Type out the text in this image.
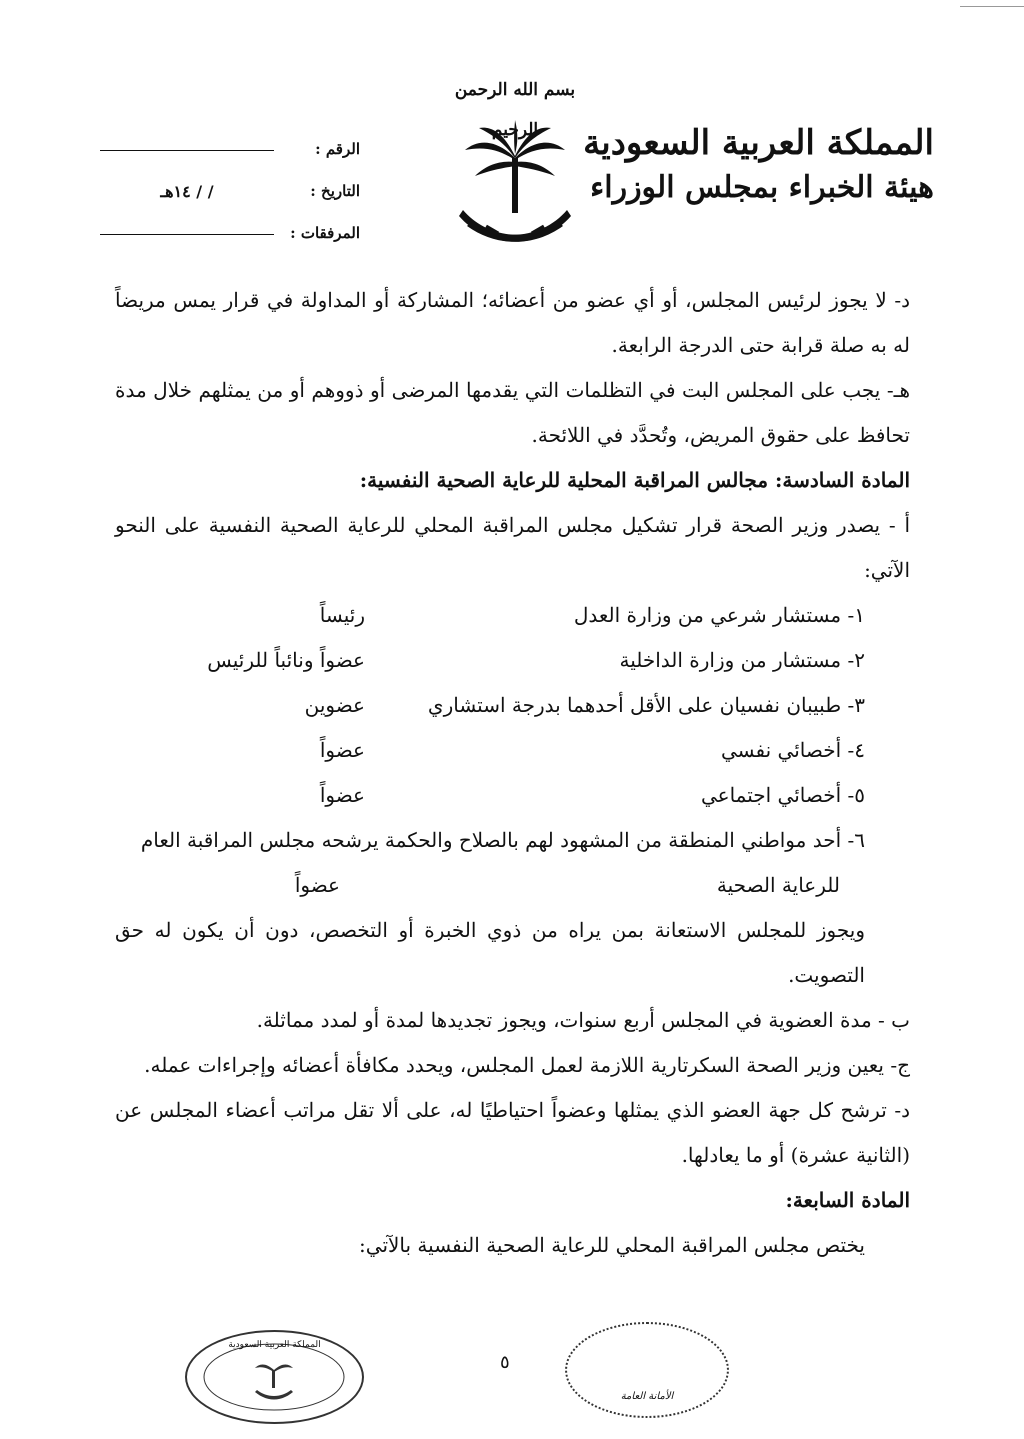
بسم الله الرحمن
المملكة العربية السعودية
هيئة الخبراء بمجلس الوزراء
الرقم :
التاريخ :
/ / ١٤هـ
المرفقات :

د- لا يجوز لرئيس المجلس، أو أي عضو من أعضائه؛ المشاركة أو المداولة في قرار يمس مريضاً له به صلة قرابة حتى الدرجة الرابعة.

هـ- يجب على المجلس البت في التظلمات التي يقدمها المرضى أو ذووهم أو من يمثلهم خلال مدة تحافظ على حقوق المريض، وتُحدَّد في اللائحة.

المادة السادسة: مجالس المراقبة المحلية للرعاية الصحية النفسية:

أ - يصدر وزير الصحة قرار تشكيل مجلس المراقبة المحلي للرعاية الصحية النفسية على النحو الآتي:

١- مستشار شرعي من وزارة العدل
رئيساً
٢- مستشار من وزارة الداخلية
عضواً ونائباً للرئيس
٣- طبيبان نفسيان على الأقل أحدهما بدرجة استشاري
عضوين
٤- أخصائي نفسي
عضواً
٥- أخصائي اجتماعي
عضواً
٦- أحد مواطني المنطقة من المشهود لهم بالصلاح والحكمة يرشحه مجلس المراقبة العام
للرعاية الصحية
عضواً

ويجوز للمجلس الاستعانة بمن يراه من ذوي الخبرة أو التخصص، دون أن يكون له حق التصويت.

ب - مدة العضوية في المجلس أربع سنوات، ويجوز تجديدها لمدة أو لمدد مماثلة.

ج- يعين وزير الصحة السكرتارية اللازمة لعمل المجلس، ويحدد مكافأة أعضائه وإجراءات عمله.

د- ترشح كل جهة العضو الذي يمثلها وعضواً احتياطيًا له، على ألا تقل مراتب أعضاء المجلس عن (الثانية عشرة) أو ما يعادلها.

المادة السابعة:

يختص مجلس المراقبة المحلي للرعاية الصحية النفسية بالآتي:

المملكة العربية السعودية
الأمانة العامة
٥
